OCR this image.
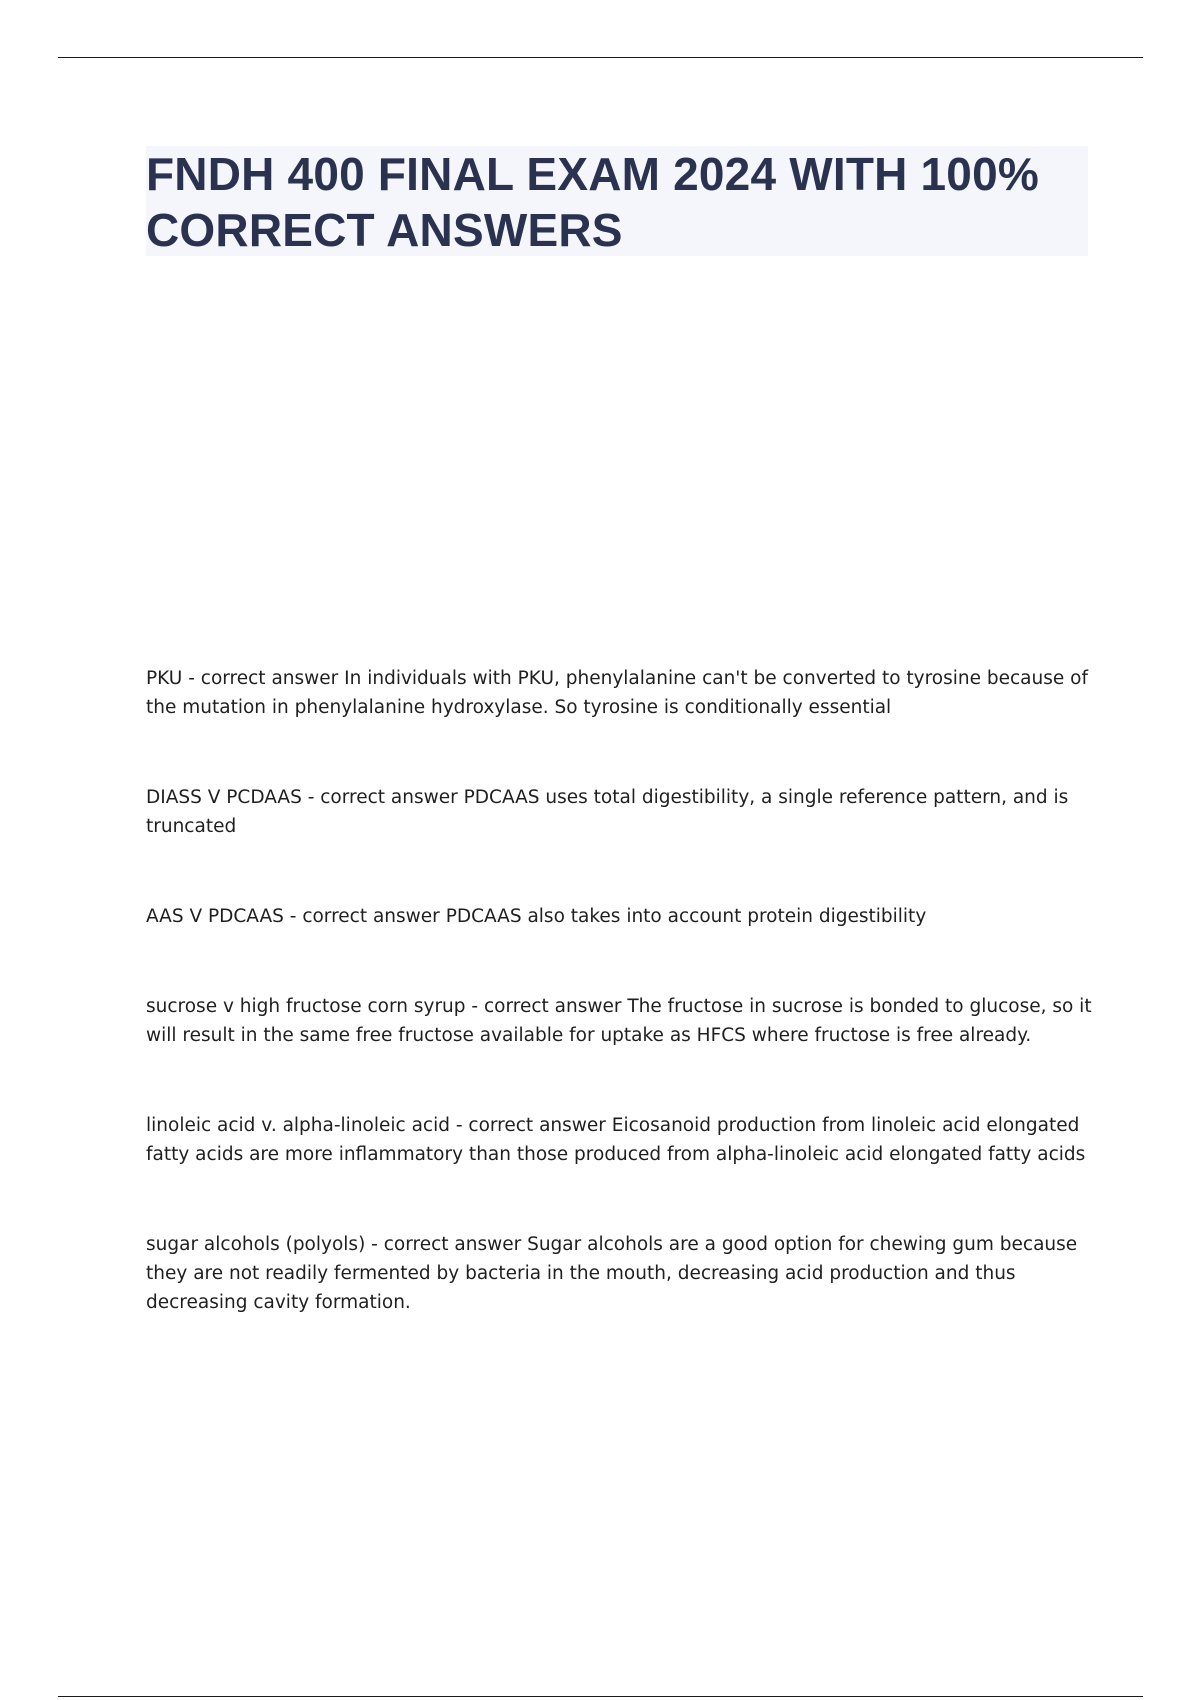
FNDH 400 FINAL EXAM 2024 WITH 100% CORRECT ANSWERS
PKU - correct answer In individuals with PKU, phenylalanine can't be converted to tyrosine because of the mutation in phenylalanine hydroxylase. So tyrosine is conditionally essential
DIASS V PCDAAS - correct answer PDCAAS uses total digestibility, a single reference pattern, and is truncated
AAS V PDCAAS - correct answer PDCAAS also takes into account protein digestibility
sucrose v high fructose corn syrup - correct answer The fructose in sucrose is bonded to glucose, so it will result in the same free fructose available for uptake as HFCS where fructose is free already.
linoleic acid v. alpha-linoleic acid - correct answer Eicosanoid production from linoleic acid elongated fatty acids are more inflammatory than those produced from alpha-linoleic acid elongated fatty acids
sugar alcohols (polyols) - correct answer Sugar alcohols are a good option for chewing gum because they are not readily fermented by bacteria in the mouth, decreasing acid production and thus decreasing cavity formation.
